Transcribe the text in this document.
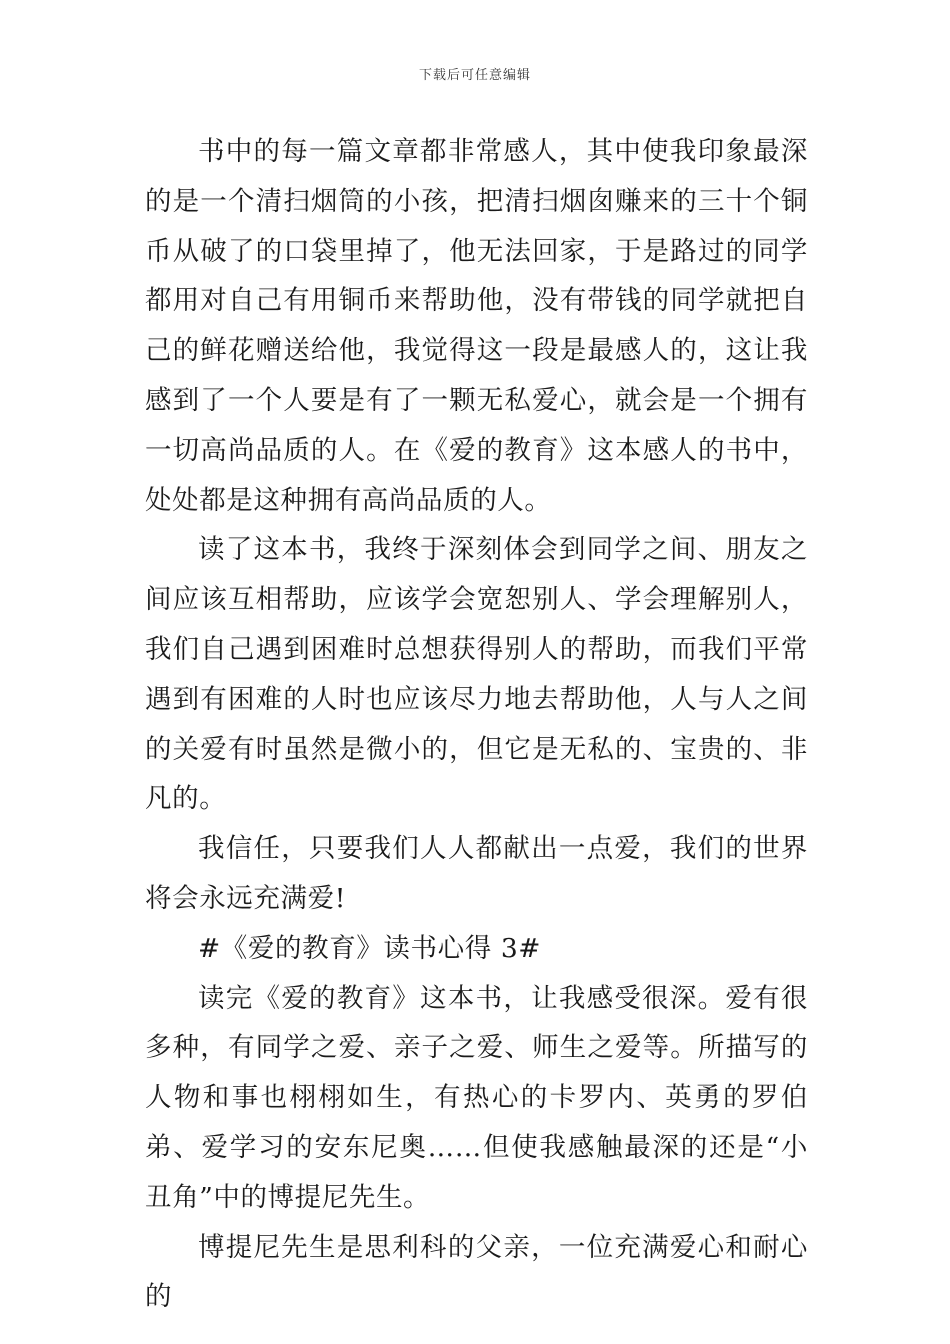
下载后可任意编辑

书中的每一篇文章都非常感人，其中使我印象最深的是一个清扫烟筒的小孩，把清扫烟囱赚来的三十个铜币从破了的口袋里掉了，他无法回家，于是路过的同学都用对自己有用铜币来帮助他，没有带钱的同学就把自己的鲜花赠送给他，我觉得这一段是最感人的，这让我感到了一个人要是有了一颗无私爱心，就会是一个拥有一切高尚品质的人。在《爱的教育》这本感人的书中，处处都是这种拥有高尚品质的人。

读了这本书，我终于深刻体会到同学之间、朋友之间应该互相帮助，应该学会宽恕别人、学会理解别人，我们自己遇到困难时总想获得别人的帮助，而我们平常遇到有困难的人时也应该尽力地去帮助他，人与人之间的关爱有时虽然是微小的，但它是无私的、宝贵的、非凡的。

我信任，只要我们人人都献出一点爱，我们的世界将会永远充满爱!

#《爱的教育》读书心得 3#

读完《爱的教育》这本书，让我感受很深。爱有很多种，有同学之爱、亲子之爱、师生之爱等。所描写的人物和事也栩栩如生，有热心的卡罗内、英勇的罗伯弟、爱学习的安东尼奥……但使我感触最深的还是“小丑角”中的博提尼先生。

博提尼先生是思利科的父亲，一位充满爱心和耐心的
